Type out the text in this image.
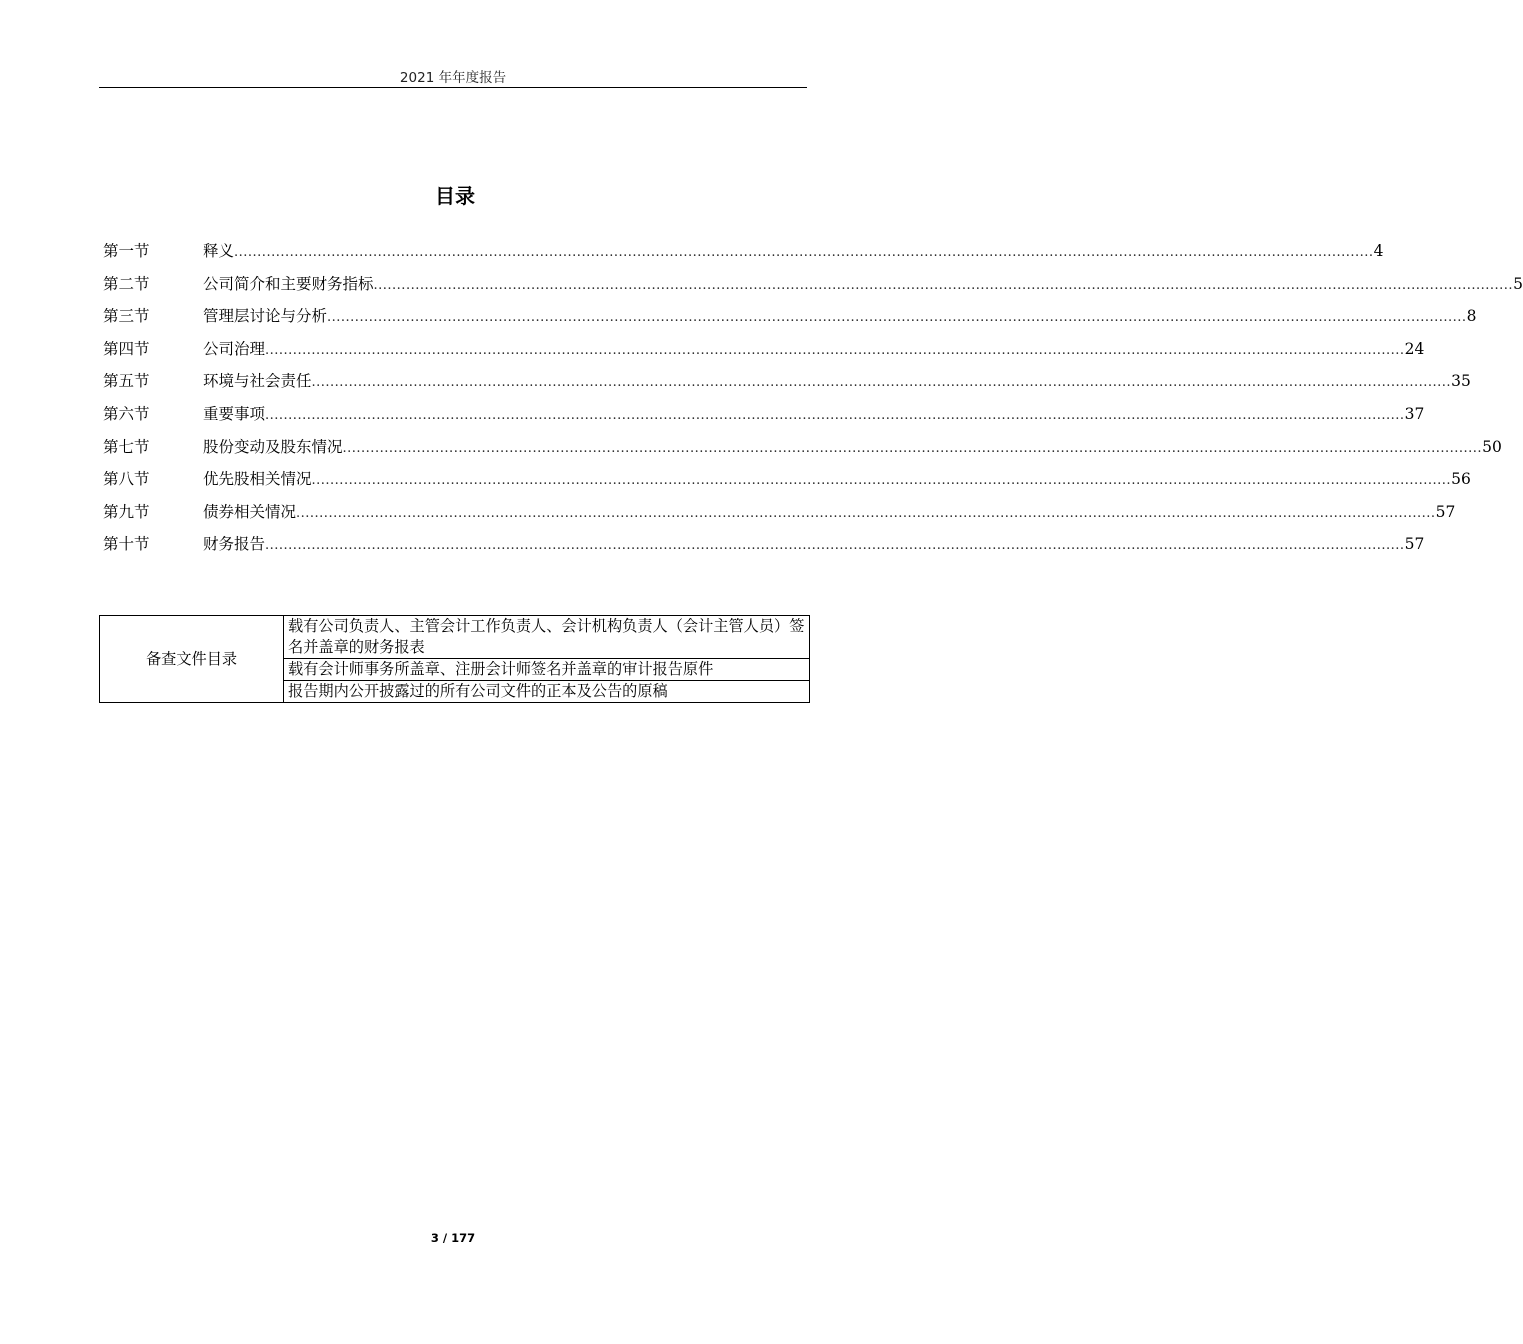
2021 年年度报告
目录
第一节	释义 ...................................................................................................................................................................................................................................................... 4
第二节	公司简介和主要财务指标 ...................................................................................................................................................................................................................................................... 5
第三节	管理层讨论与分析 ...................................................................................................................................................................................................................................................... 8
第四节	公司治理 ...................................................................................................................................................................................................................................................... 24
第五节	环境与社会责任 ...................................................................................................................................................................................................................................................... 35
第六节	重要事项 ...................................................................................................................................................................................................................................................... 37
第七节	股份变动及股东情况 ...................................................................................................................................................................................................................................................... 50
第八节	优先股相关情况 ...................................................................................................................................................................................................................................................... 56
第九节	债券相关情况 ...................................................................................................................................................................................................................................................... 57
第十节	财务报告 ...................................................................................................................................................................................................................................................... 57
备查文件目录	载有公司负责人、主管会计工作负责人、会计机构负责人（会计主管人员）签名并盖章的财务报表
载有会计师事务所盖章、注册会计师签名并盖章的审计报告原件
报告期内公开披露过的所有公司文件的正本及公告的原稿
3 / 177
